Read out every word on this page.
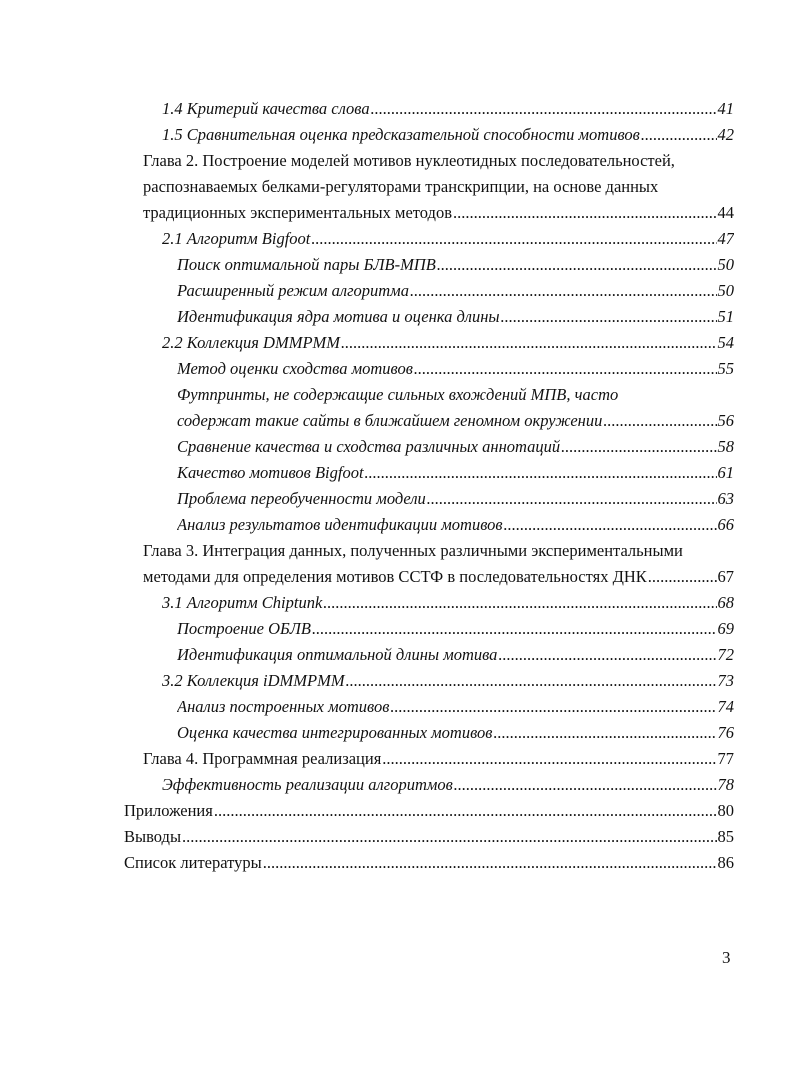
1.4 Критерий качества слова .....	41
1.5 Сравнительная оценка предсказательной способности мотивов .....	42
Глава 2. Построение моделей мотивов нуклеотидных последовательностей,
распознаваемых белками-регуляторами транскрипции, на основе данных
традиционных экспериментальных методов .....	44
2.1 Алгоритм Bigfoot .....	47
Поиск оптимальной пары БЛВ-МПВ .....	50
Расширенный режим алгоритма .....	50
Идентификация ядра мотива и оценка длины .....	51
2.2 Коллекция DMMPMM .....	54
Метод оценки сходства мотивов .....	55
Футпринты, не содержащие сильных вхождений МПВ, часто
содержат такие сайты в ближайшем геномном окружении .....	56
Сравнение качества и сходства различных аннотаций .....	58
Качество мотивов Bigfoot .....	61
Проблема переобученности модели .....	63
Анализ результатов идентификации мотивов .....	66
Глава 3. Интеграция данных, полученных различными экспериментальными
методами для определения мотивов ССТФ в последовательностях ДНК .....	67
3.1 Алгоритм Chiptunk .....	68
Построение ОБЛВ .....	69
Идентификация оптимальной длины мотива .....	72
3.2 Коллекция iDMMPMM .....	73
Анализ построенных мотивов .....	74
Оценка качества интегрированных мотивов .....	76
Глава 4. Программная реализация .....	77
Эффективность реализации алгоритмов .....	78
Приложения .....	80
Выводы .....	85
Список литературы .....	86
3
